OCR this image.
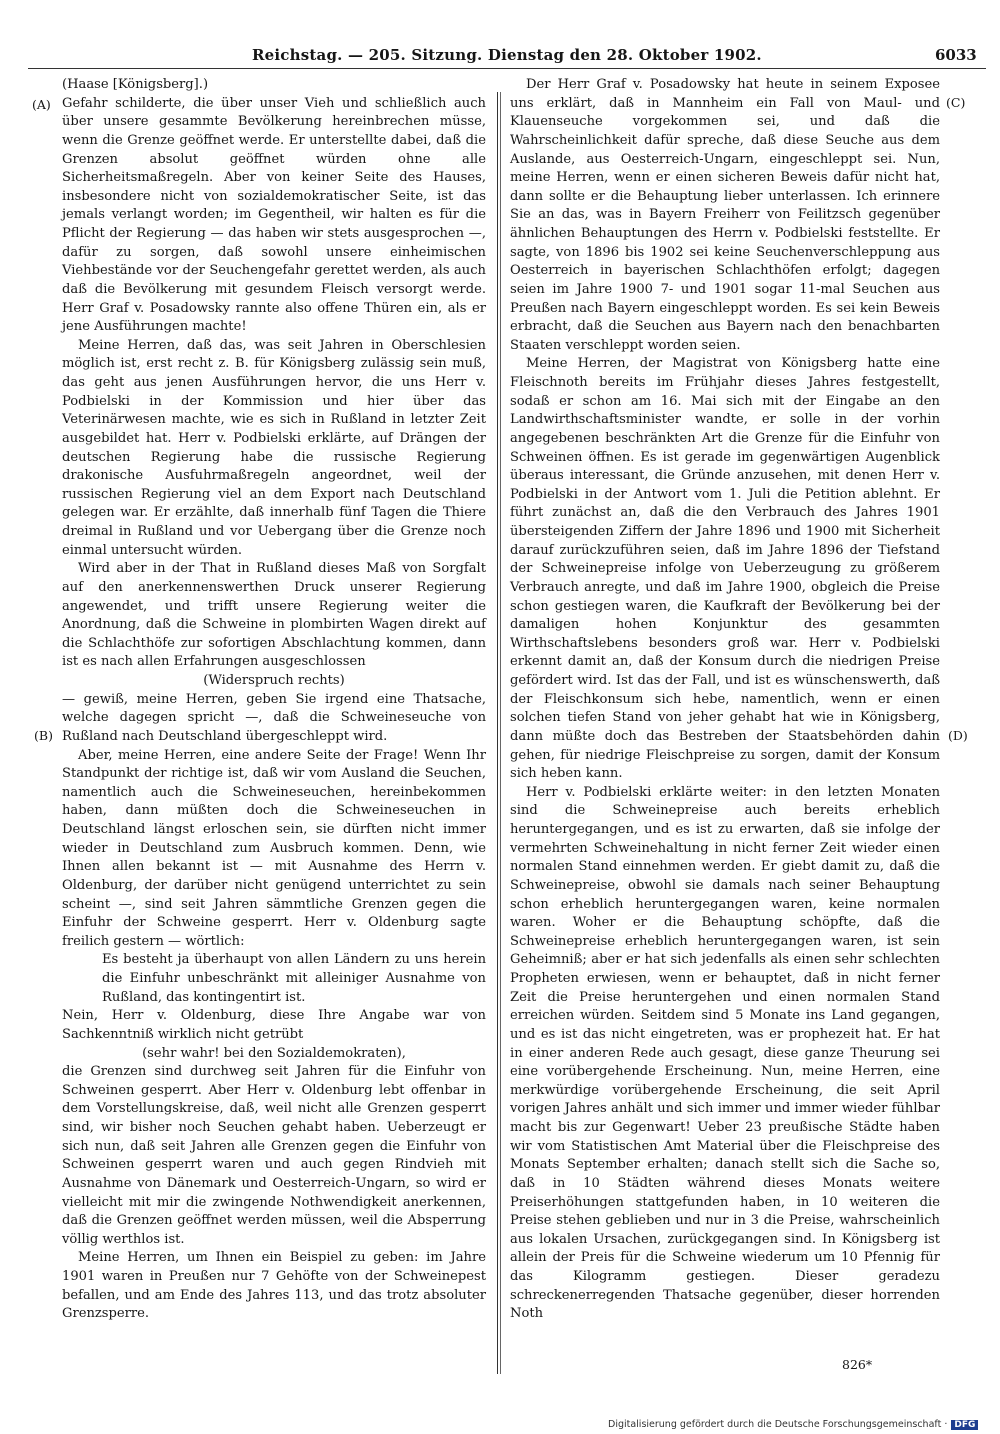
Reichstag. — 205. Sitzung. Dienstag den 28. Oktober 1902.	6033
(A)
(B)
(C)
(D)

(Haase [Königsberg].)

Gefahr schilderte, die über unser Vieh und schließlich auch über unsere gesammte Bevölkerung hereinbrechen müsse, wenn die Grenze geöffnet werde. Er unterstellte dabei, daß die Grenzen absolut geöffnet würden ohne alle Sicherheitsmaßregeln. Aber von keiner Seite des Hauses, insbesondere nicht von sozialdemokratischer Seite, ist das jemals verlangt worden; im Gegentheil, wir halten es für die Pflicht der Regierung — das haben wir stets ausgesprochen —, dafür zu sorgen, daß sowohl unsere einheimischen Viehbestände vor der Seuchengefahr gerettet werden, als auch daß die Bevölkerung mit gesundem Fleisch versorgt werde. Herr Graf v. Posadowsky rannte also offene Thüren ein, als er jene Ausführungen machte!

Meine Herren, daß das, was seit Jahren in Oberschlesien möglich ist, erst recht z. B. für Königsberg zulässig sein muß, das geht aus jenen Ausführungen hervor, die uns Herr v. Podbielski in der Kommission und hier über das Veterinärwesen machte, wie es sich in Rußland in letzter Zeit ausgebildet hat. Herr v. Podbielski erklärte, auf Drängen der deutschen Regierung habe die russische Regierung drakonische Ausfuhrmaßregeln angeordnet, weil der russischen Regierung viel an dem Export nach Deutschland gelegen war. Er erzählte, daß innerhalb fünf Tagen die Thiere dreimal in Rußland und vor Uebergang über die Grenze noch einmal untersucht würden.

Wird aber in der That in Rußland dieses Maß von Sorgfalt auf den anerkennenswerthen Druck unserer Regierung angewendet, und trifft unsere Regierung weiter die Anordnung, daß die Schweine in plombirten Wagen direkt auf die Schlachthöfe zur sofortigen Abschlachtung kommen, dann ist es nach allen Erfahrungen ausgeschlossen

(Widerspruch rechts)

— gewiß, meine Herren, geben Sie irgend eine Thatsache, welche dagegen spricht —, daß die Schweineseuche von Rußland nach Deutschland übergeschleppt wird.

Aber, meine Herren, eine andere Seite der Frage! Wenn Ihr Standpunkt der richtige ist, daß wir vom Ausland die Seuchen, namentlich auch die Schweineseuchen, hereinbekommen haben, dann müßten doch die Schweineseuchen in Deutschland längst erloschen sein, sie dürften nicht immer wieder in Deutschland zum Ausbruch kommen. Denn, wie Ihnen allen bekannt ist — mit Ausnahme des Herrn v. Oldenburg, der darüber nicht genügend unterrichtet zu sein scheint —, sind seit Jahren sämmtliche Grenzen gegen die Einfuhr der Schweine gesperrt. Herr v. Oldenburg sagte freilich gestern — wörtlich:

Es besteht ja überhaupt von allen Ländern zu uns herein die Einfuhr unbeschränkt mit alleiniger Ausnahme von Rußland, das kontingentirt ist.

Nein, Herr v. Oldenburg, diese Ihre Angabe war von Sachkenntniß wirklich nicht getrübt

(sehr wahr! bei den Sozialdemokraten),

die Grenzen sind durchweg seit Jahren für die Einfuhr von Schweinen gesperrt. Aber Herr v. Oldenburg lebt offenbar in dem Vorstellungskreise, daß, weil nicht alle Grenzen gesperrt sind, wir bisher noch Seuchen gehabt haben. Ueberzeugt er sich nun, daß seit Jahren alle Grenzen gegen die Einfuhr von Schweinen gesperrt waren und auch gegen Rindvieh mit Ausnahme von Dänemark und Oesterreich-Ungarn, so wird er vielleicht mit mir die zwingende Nothwendigkeit anerkennen, daß die Grenzen geöffnet werden müssen, weil die Absperrung völlig werthlos ist.

Meine Herren, um Ihnen ein Beispiel zu geben: im Jahre 1901 waren in Preußen nur 7 Gehöfte von der Schweinepest befallen, und am Ende des Jahres 113, und das trotz absoluter Grenzsperre.

Der Herr Graf v. Posadowsky hat heute in seinem Exposee uns erklärt, daß in Mannheim ein Fall von Maul- und Klauenseuche vorgekommen sei, und daß die Wahrscheinlichkeit dafür spreche, daß diese Seuche aus dem Auslande, aus Oesterreich-Ungarn, eingeschleppt sei. Nun, meine Herren, wenn er einen sicheren Beweis dafür nicht hat, dann sollte er die Behauptung lieber unterlassen. Ich erinnere Sie an das, was in Bayern Freiherr von Feilitzsch gegenüber ähnlichen Behauptungen des Herrn v. Podbielski feststellte. Er sagte, von 1896 bis 1902 sei keine Seuchenverschleppung aus Oesterreich in bayerischen Schlachthöfen erfolgt; dagegen seien im Jahre 1900 7- und 1901 sogar 11-mal Seuchen aus Preußen nach Bayern eingeschleppt worden. Es sei kein Beweis erbracht, daß die Seuchen aus Bayern nach den benachbarten Staaten verschleppt worden seien.

Meine Herren, der Magistrat von Königsberg hatte eine Fleischnoth bereits im Frühjahr dieses Jahres festgestellt, sodaß er schon am 16. Mai sich mit der Eingabe an den Landwirthschaftsminister wandte, er solle in der vorhin angegebenen beschränkten Art die Grenze für die Einfuhr von Schweinen öffnen. Es ist gerade im gegenwärtigen Augenblick überaus interessant, die Gründe anzusehen, mit denen Herr v. Podbielski in der Antwort vom 1. Juli die Petition ablehnt. Er führt zunächst an, daß die den Verbrauch des Jahres 1901 übersteigenden Ziffern der Jahre 1896 und 1900 mit Sicherheit darauf zurückzuführen seien, daß im Jahre 1896 der Tiefstand der Schweinepreise infolge von Ueberzeugung zu größerem Verbrauch anregte, und daß im Jahre 1900, obgleich die Preise schon gestiegen waren, die Kaufkraft der Bevölkerung bei der damaligen hohen Konjunktur des gesammten Wirthschaftslebens besonders groß war. Herr v. Podbielski erkennt damit an, daß der Konsum durch die niedrigen Preise gefördert wird. Ist das der Fall, und ist es wünschenswerth, daß der Fleischkonsum sich hebe, namentlich, wenn er einen solchen tiefen Stand von jeher gehabt hat wie in Königsberg, dann müßte doch das Bestreben der Staatsbehörden dahin gehen, für niedrige Fleischpreise zu sorgen, damit der Konsum sich heben kann.

Herr v. Podbielski erklärte weiter: in den letzten Monaten sind die Schweinepreise auch bereits erheblich heruntergegangen, und es ist zu erwarten, daß sie infolge der vermehrten Schweinehaltung in nicht ferner Zeit wieder einen normalen Stand einnehmen werden. Er giebt damit zu, daß die Schweinepreise, obwohl sie damals nach seiner Behauptung schon erheblich heruntergegangen waren, keine normalen waren. Woher er die Behauptung schöpfte, daß die Schweinepreise erheblich heruntergegangen waren, ist sein Geheimniß; aber er hat sich jedenfalls als einen sehr schlechten Propheten erwiesen, wenn er behauptet, daß in nicht ferner Zeit die Preise heruntergehen und einen normalen Stand erreichen würden. Seitdem sind 5 Monate ins Land gegangen, und es ist das nicht eingetreten, was er prophezeit hat. Er hat in einer anderen Rede auch gesagt, diese ganze Theurung sei eine vorübergehende Erscheinung. Nun, meine Herren, eine merkwürdige vorübergehende Erscheinung, die seit April vorigen Jahres anhält und sich immer und immer wieder fühlbar macht bis zur Gegenwart! Ueber 23 preußische Städte haben wir vom Statistischen Amt Material über die Fleischpreise des Monats September erhalten; danach stellt sich die Sache so, daß in 10 Städten während dieses Monats weitere Preiserhöhungen stattgefunden haben, in 10 weiteren die Preise stehen geblieben und nur in 3 die Preise, wahrscheinlich aus lokalen Ursachen, zurückgegangen sind. In Königsberg ist allein der Preis für die Schweine wiederum um 10 Pfennig für das Kilogramm gestiegen. Dieser geradezu schreckenerregenden Thatsache gegenüber, dieser horrenden Noth

826*
Digitalisierung gefördert durch die Deutsche Forschungsgemeinschaft · DFG
